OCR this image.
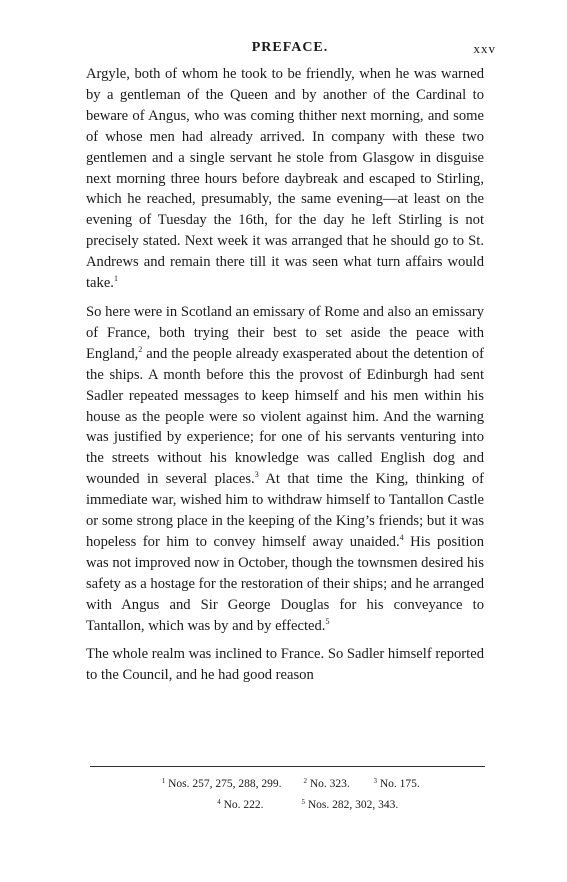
PREFACE.	xxv

Argyle, both of whom he took to be friendly, when he was warned by a gentleman of the Queen and by another of the Cardinal to beware of Angus, who was coming thither next morning, and some of whose men had already arrived. In company with these two gentlemen and a single servant he stole from Glasgow in disguise next morning three hours before daybreak and escaped to Stirling, which he reached, presumably, the same evening—at least on the evening of Tuesday the 16th, for the day he left Stirling is not precisely stated. Next week it was arranged that he should go to St. Andrews and remain there till it was seen what turn affairs would take.$^1$

So here were in Scotland an emissary of Rome and also an emissary of France, both trying their best to set aside the peace with England,$^2$ and the people already exasperated about the detention of the ships. A month before this the provost of Edinburgh had sent Sadler repeated messages to keep himself and his men within his house as the people were so violent against him. And the warning was justified by experience; for one of his servants venturing into the streets without his knowledge was called English dog and wounded in several places.$^3$ At that time the King, thinking of immediate war, wished him to withdraw himself to Tantallon Castle or some strong place in the keeping of the King’s friends; but it was hopeless for him to convey himself away unaided.$^4$ His position was not improved now in October, though the townsmen desired his safety as a hostage for the restoration of their ships; and he arranged with Angus and Sir George Douglas for his conveyance to Tantallon, which was by and by effected.$^5$

The whole realm was inclined to France. So Sadler himself reported to the Council, and he had good reason

$^1$ Nos. 257, 275, 288, 299.	$^2$ No. 323.	$^3$ No. 175.
$^4$ No. 222.	$^5$ Nos. 282, 302, 343.
